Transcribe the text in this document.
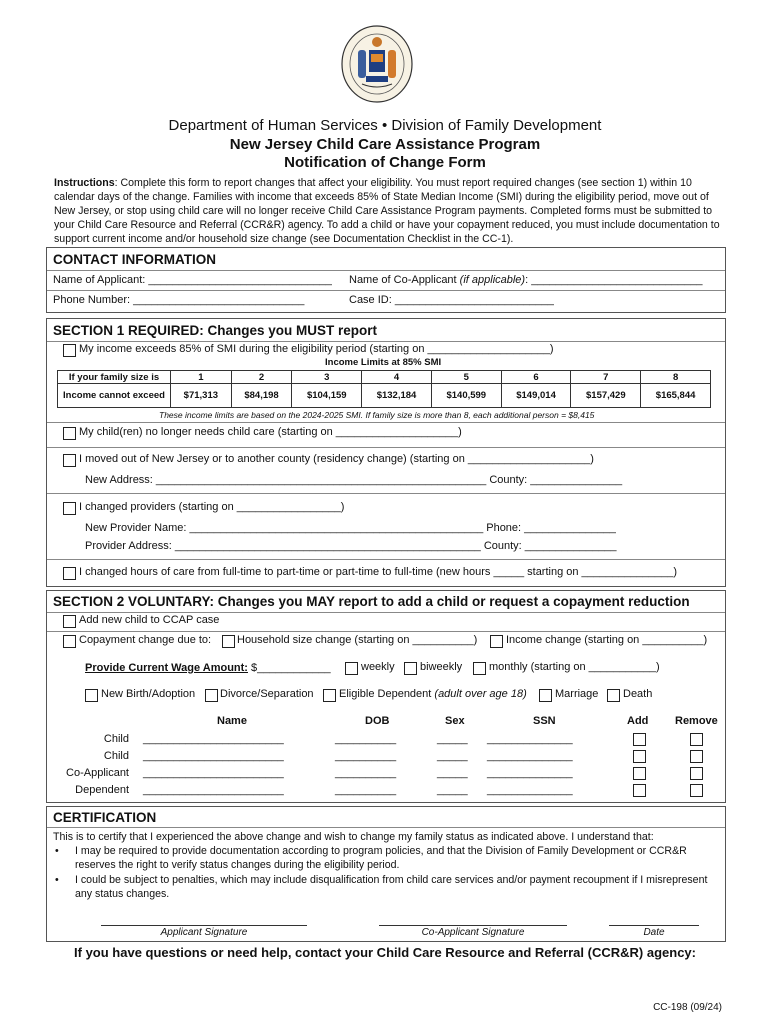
Department of Human Services • Division of Family Development
New Jersey Child Care Assistance Program
Notification of Change Form
Instructions: Complete this form to report changes that affect your eligibility. You must report required changes (see section 1) within 10 calendar days of the change. Families with income that exceeds 85% of State Median Income (SMI) during the eligibility period, move out of New Jersey, or stop using child care will no longer receive Child Care Assistance Program payments. Completed forms must be submitted to your Child Care Resource and Referral (CCR&R) agency. To add a child or have your copayment reduced, you must include documentation to support current income and/or household size change (see Documentation Checklist in the CC-1).
CONTACT INFORMATION
Name of Applicant: ______________________________ Name of Co-Applicant (if applicable): ____________________________
Phone Number: ____________________________	Case ID: __________________________
SECTION 1 REQUIRED: Changes you MUST report
My income exceeds 85% of SMI during the eligibility period (starting on ____________________)
Income Limits at 85% SMI
If your family size is	1	2	3	4	5	6	7	8
Income cannot exceed	$71,313	$84,198	$104,159	$132,184	$140,599	$149,014	$157,429	$165,844
These income limits are based on the 2024-2025 SMI. If family size is more than 8, each additional person = $8,415
My child(ren) no longer needs child care (starting on ____________________)
I moved out of New Jersey or to another county (residency change) (starting on ____________________)
New Address: ______________________________________________________ County: _______________
I changed providers (starting on _________________)
New Provider Name: ________________________________________________ Phone: _______________
Provider Address: __________________________________________________ County: _______________
I changed hours of care from full-time to part-time or part-time to full-time (new hours _____ starting on _______________)
SECTION 2 VOLUNTARY: Changes you MAY report to add a child or request a copayment reduction
Add new child to CCAP case
Copayment change due to: Household size change (starting on __________)	Income change (starting on __________)
Provide Current Wage Amount: $____________	weekly biweekly monthly (starting on ___________)
New Birth/Adoption Divorce/Separation Eligible Dependent (adult over age 18)	Marriage Death
Name	DOB	Sex	SSN	Add Remove
Child _______________________	__________	_____ ______________
Child _______________________	__________	_____ ______________
Co-Applicant _______________________	__________	_____ ______________
Dependent _______________________	__________	_____ ______________
CERTIFICATION
This is to certify that I experienced the above change and wish to change my family status as indicated above. I understand that:
• I may be required to provide documentation according to program policies, and that the Division of Family Development or CCR&R reserves the right to verify status changes during the eligibility period.
• I could be subject to penalties, which may include disqualification from child care services and/or payment recoupment if I misrepresent any status changes.
Applicant Signature	Co-Applicant Signature	Date
If you have questions or need help, contact your Child Care Resource and Referral (CCR&R) agency:
CC-198 (09/24)
